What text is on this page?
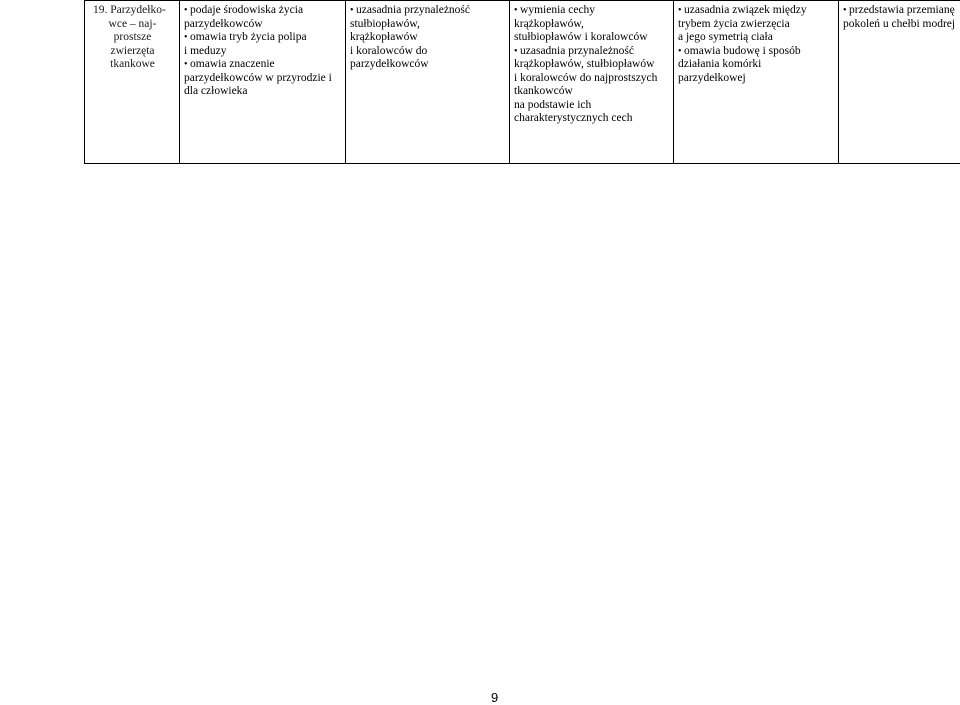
19. Parzydełko-
wce – naj-
prostsze
zwierzęta
tkankowe

• podaje środowiska życia
parzydełkowców
• omawia tryb życia polipa
i meduzy
• omawia znaczenie
parzydełkowców w przyrodzie i
dla człowieka

• uzasadnia przynależność
stułbiopławów,
krążkopławów
i koralowców do
parzydełkowców

• wymienia cechy
krążkopławów,
stułbiopławów i koralowców
• uzasadnia przynależność
krążkopławów, stułbiopławów
i koralowców do najprostszych
tkankowców
na podstawie ich
charakterystycznych cech

• uzasadnia związek między
trybem życia zwierzęcia
a jego symetrią ciała
• omawia budowę i sposób
działania komórki
parzydełkowej

• przedstawia przemianę
pokoleń u chełbi modrej
9
